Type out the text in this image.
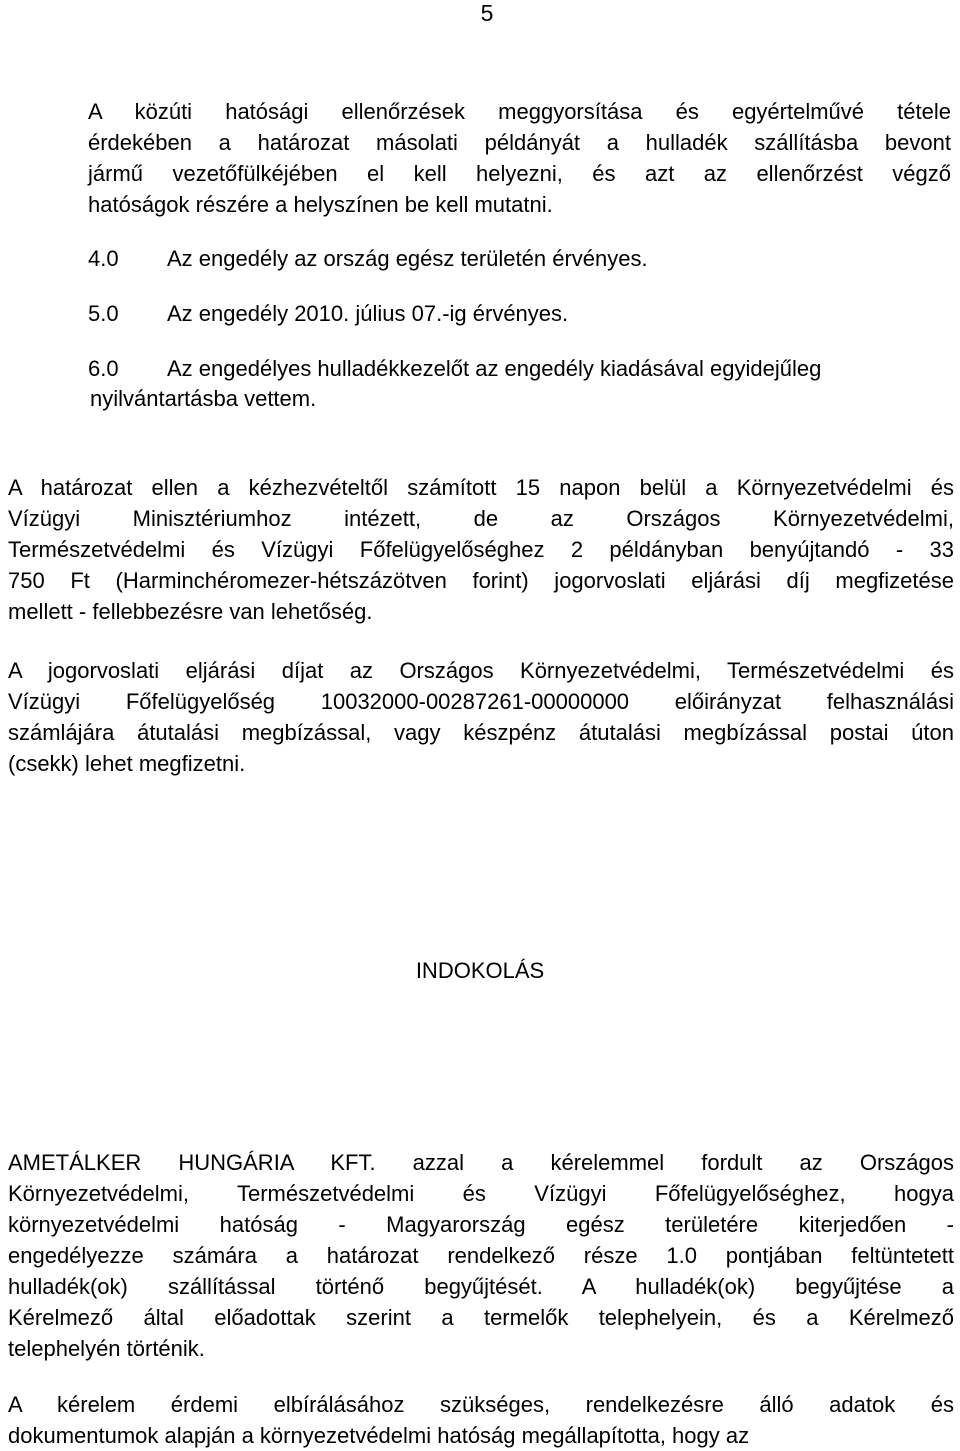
5
A közúti hatósági ellenőrzések meggyorsítása és egyértelművé tétele
érdekében a határozat másolati példányát a hulladék szállításba bevont
jármű vezetőfülkéjében el kell helyezni, és azt az ellenőrzést végző
hatóságok részére a helyszínen be kell mutatni.
4.0 Az engedély az ország egész területén érvényes.
5.0 Az engedély 2010. július 07.-ig érvényes.
6.0 Az engedélyes hulladékkezelőt az engedély kiadásával egyidejűleg
nyilvántartásba vettem.
A határozat ellen a kézhezvételtől számított 15 napon belül a Környezetvédelmi és
Vízügyi Minisztériumhoz intézett, de az Országos Környezetvédelmi,
Természetvédelmi és Vízügyi Főfelügyelőséghez 2 példányban benyújtandó - 33
750 Ft (Harminchéromezer-hétszázötven forint) jogorvoslati eljárási díj megfizetése
mellett - fellebbezésre van lehetőség.
A jogorvoslati eljárási díjat az Országos Környezetvédelmi, Természetvédelmi és
Vízügyi Főfelügyelőség 10032000-00287261-00000000 előirányzat felhasználási
számlájára átutalási megbízással, vagy készpénz átutalási megbízással postai úton
(csekk) lehet megfizetni.
INDOKOLÁS
AMETÁLKER HUNGÁRIA KFT. azzal a kérelemmel fordult az Országos
Környezetvédelmi, Természetvédelmi és Vízügyi Főfelügyelőséghez, hogya
környezetvédelmi hatóság - Magyarország egész területére kiterjedően -
engedélyezze számára a határozat rendelkező része 1.0 pontjában feltüntetett
hulladék(ok) szállítással történő begyűjtését. A hulladék(ok) begyűjtése a
Kérelmező által előadottak szerint a termelők telephelyein, és a Kérelmező
telephelyén történik.
A kérelem érdemi elbírálásához szükséges, rendelkezésre álló adatok és
dokumentumok alapján a környezetvédelmi hatóság megállapította, hogy az
